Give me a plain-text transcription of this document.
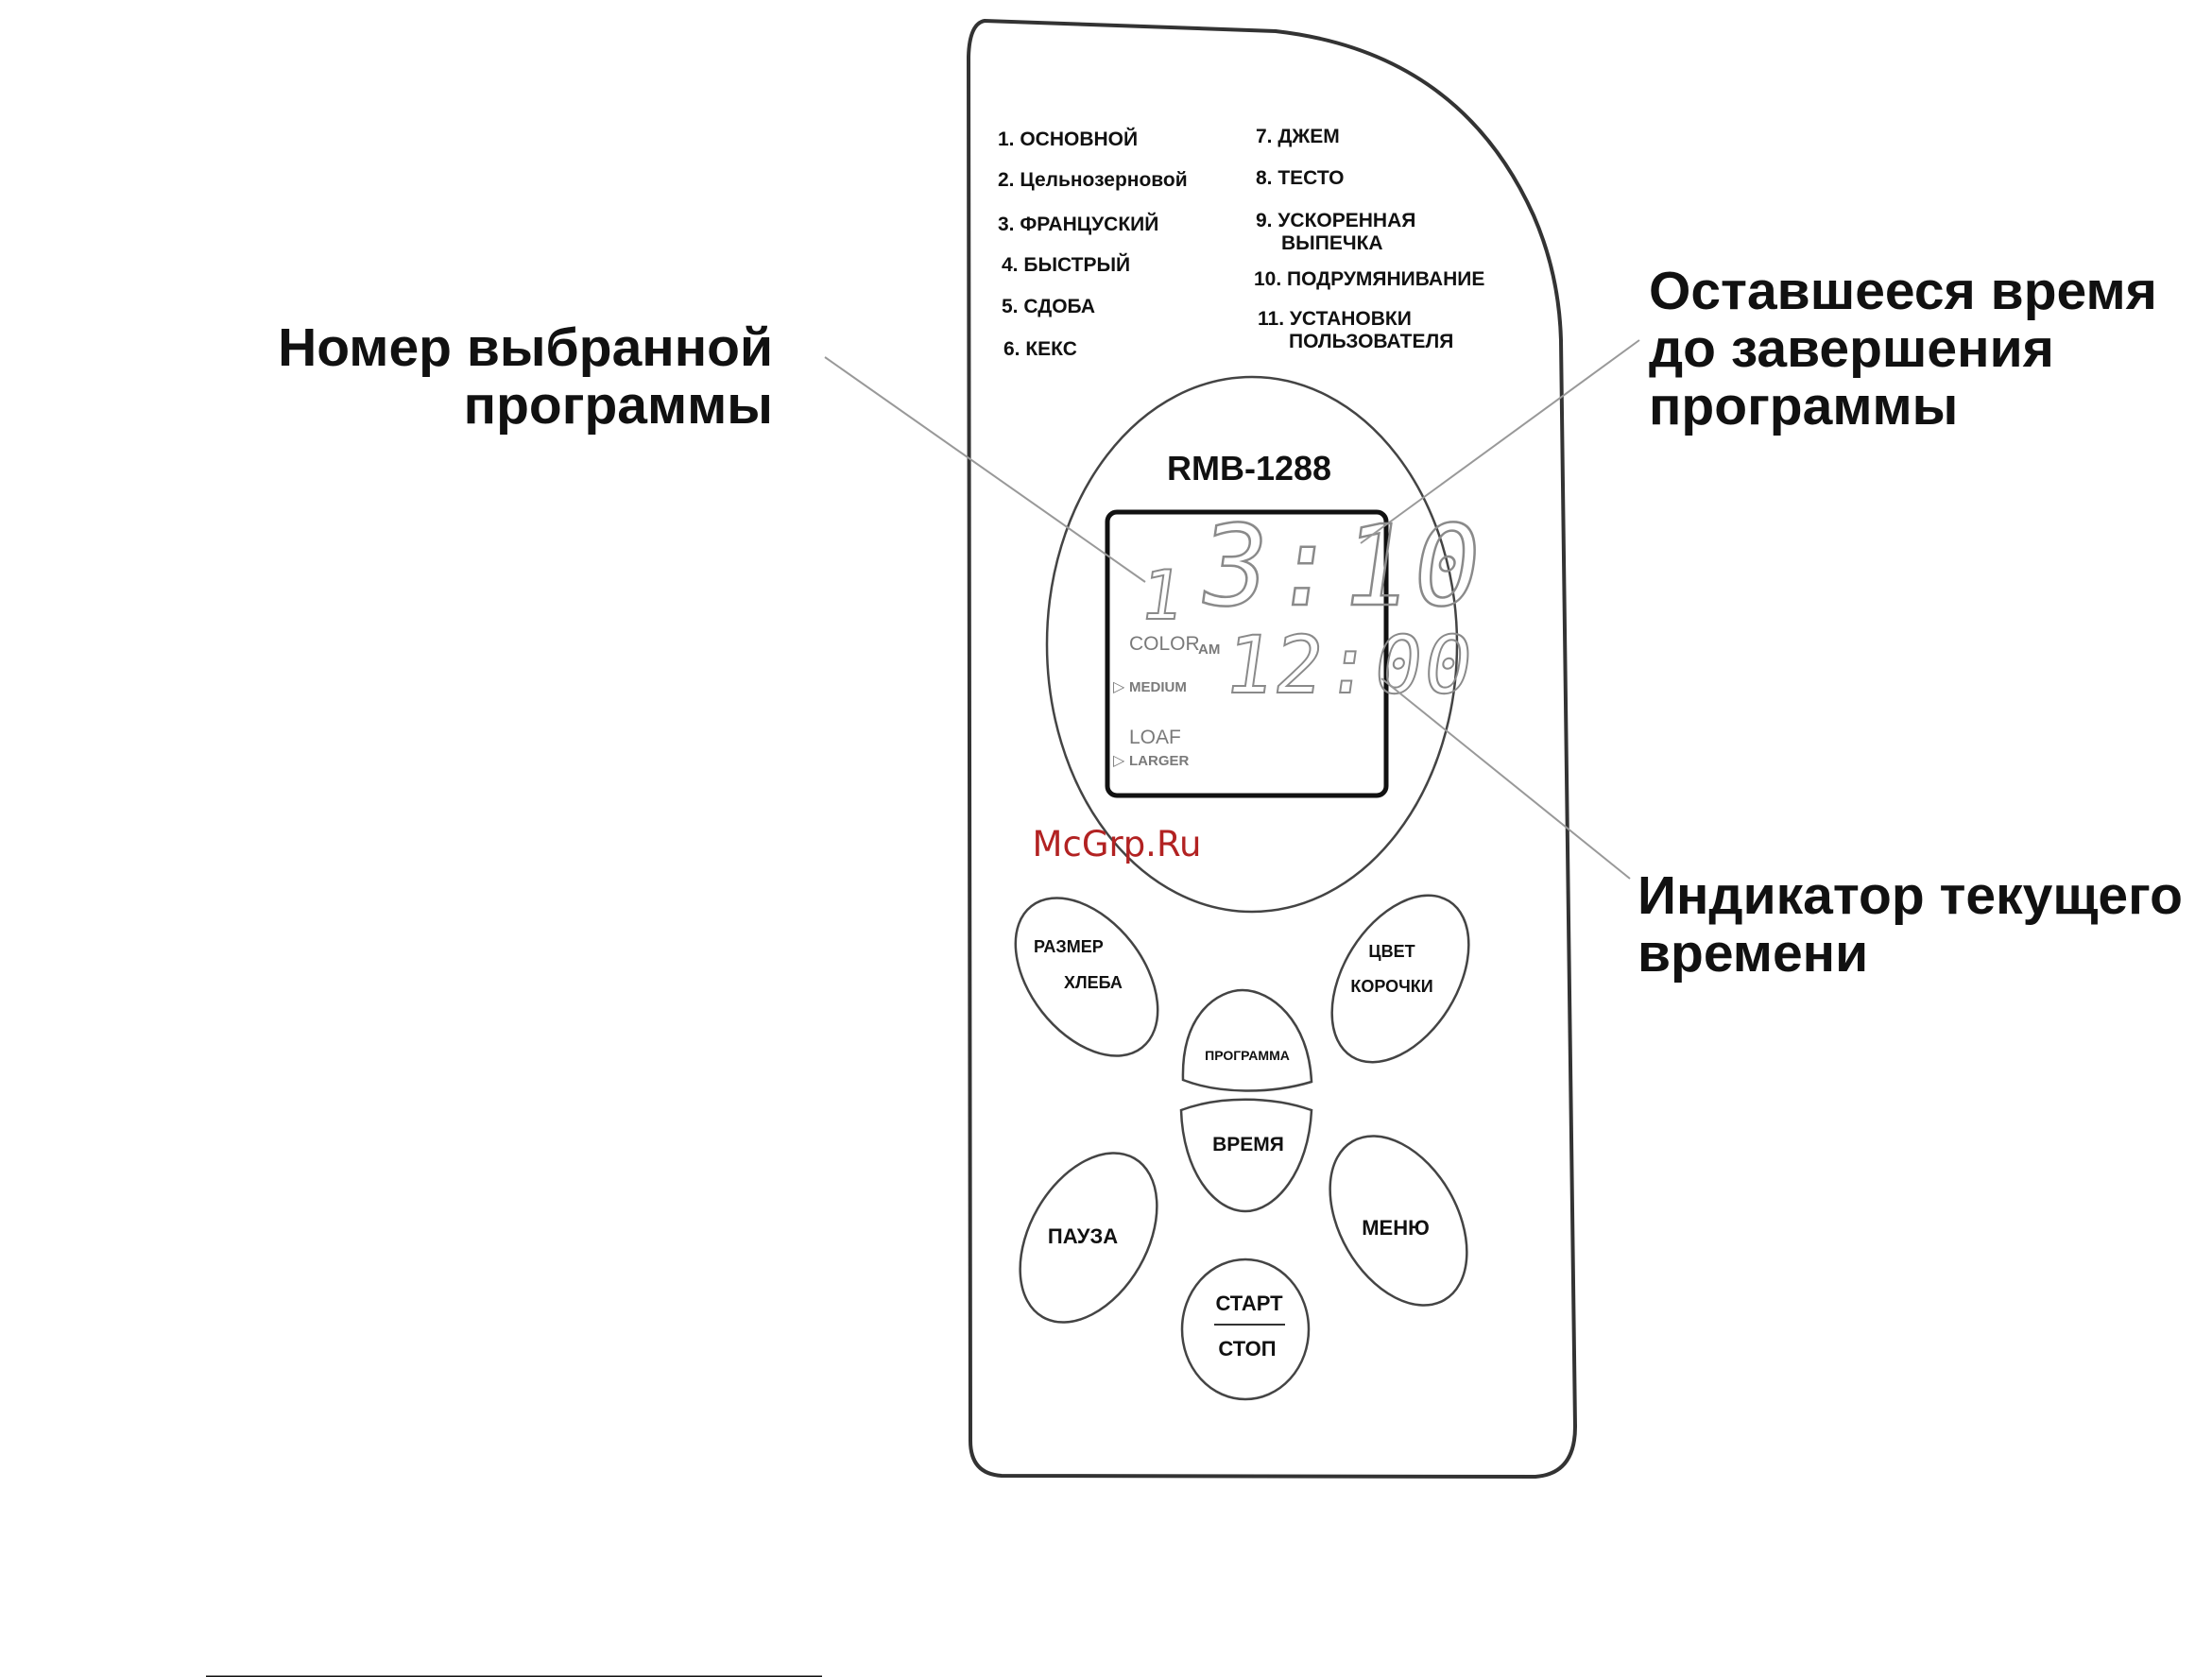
Номер выбранной
программы
Оставшееся время
до завершения
программы
Индикатор текущего
времени
1. ОСНОВНОЙ
2. Цельнозерновой
3. ФРАНЦУСКИЙ
4. БЫСТРЫЙ
5. СДОБА
6. КЕКС
7. ДЖЕМ
8. ТЕСТО
9. УСКОРЕННАЯ
ВЫПЕЧКА
10. ПОДРУМЯНИВАНИЕ
11. УСТАНОВКИ
ПОЛЬЗОВАТЕЛЯ
RMB-1288
1 3:10
12:00
AM
COLOR
▷ MEDIUM
LOAF
▷ LARGER
McGrp.Ru
РАЗМЕР
ХЛЕБА
ЦВЕТ
КОРОЧКИ
ПРОГРАММА
ВРЕМЯ
ПАУЗА	МЕНЮ
СТАРТ
СТОП
